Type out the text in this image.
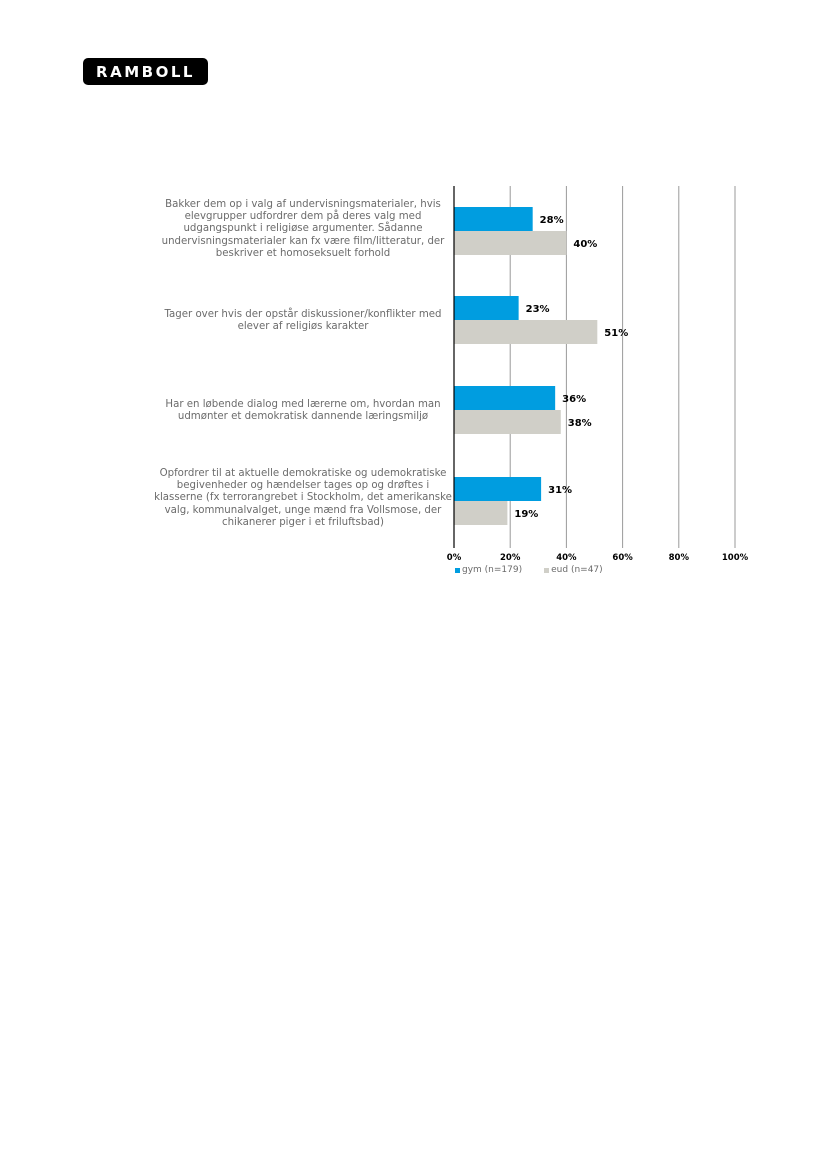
RAMBOLL
Bakker dem op i valg af undervisningsmaterialer, hvis elevgrupper udfordrer dem på deres valg med udgangspunkt i religiøse argumenter. Sådanne undervisningsmaterialer kan fx være film/litteratur, der beskriver et homoseksuelt forhold
Tager over hvis der opstår diskussioner/konflikter med elever af religiøs karakter
Har en løbende dialog med lærerne om, hvordan man udmønter et demokratisk dannende læringsmiljø
Opfordrer til at aktuelle demokratiske og udemokratiske begivenheder og hændelser tages op og drøftes i klasserne (fx terrorangrebet i Stockholm, det amerikanske valg, kommunalvalget, unge mænd fra Vollsmose, der chikanerer piger i et friluftsbad)
0%	20%	40%	60%	80%	100%
28%
23%
36%
31%
40%
51%
38%
19%
gym (n=179)	eud (n=47)
